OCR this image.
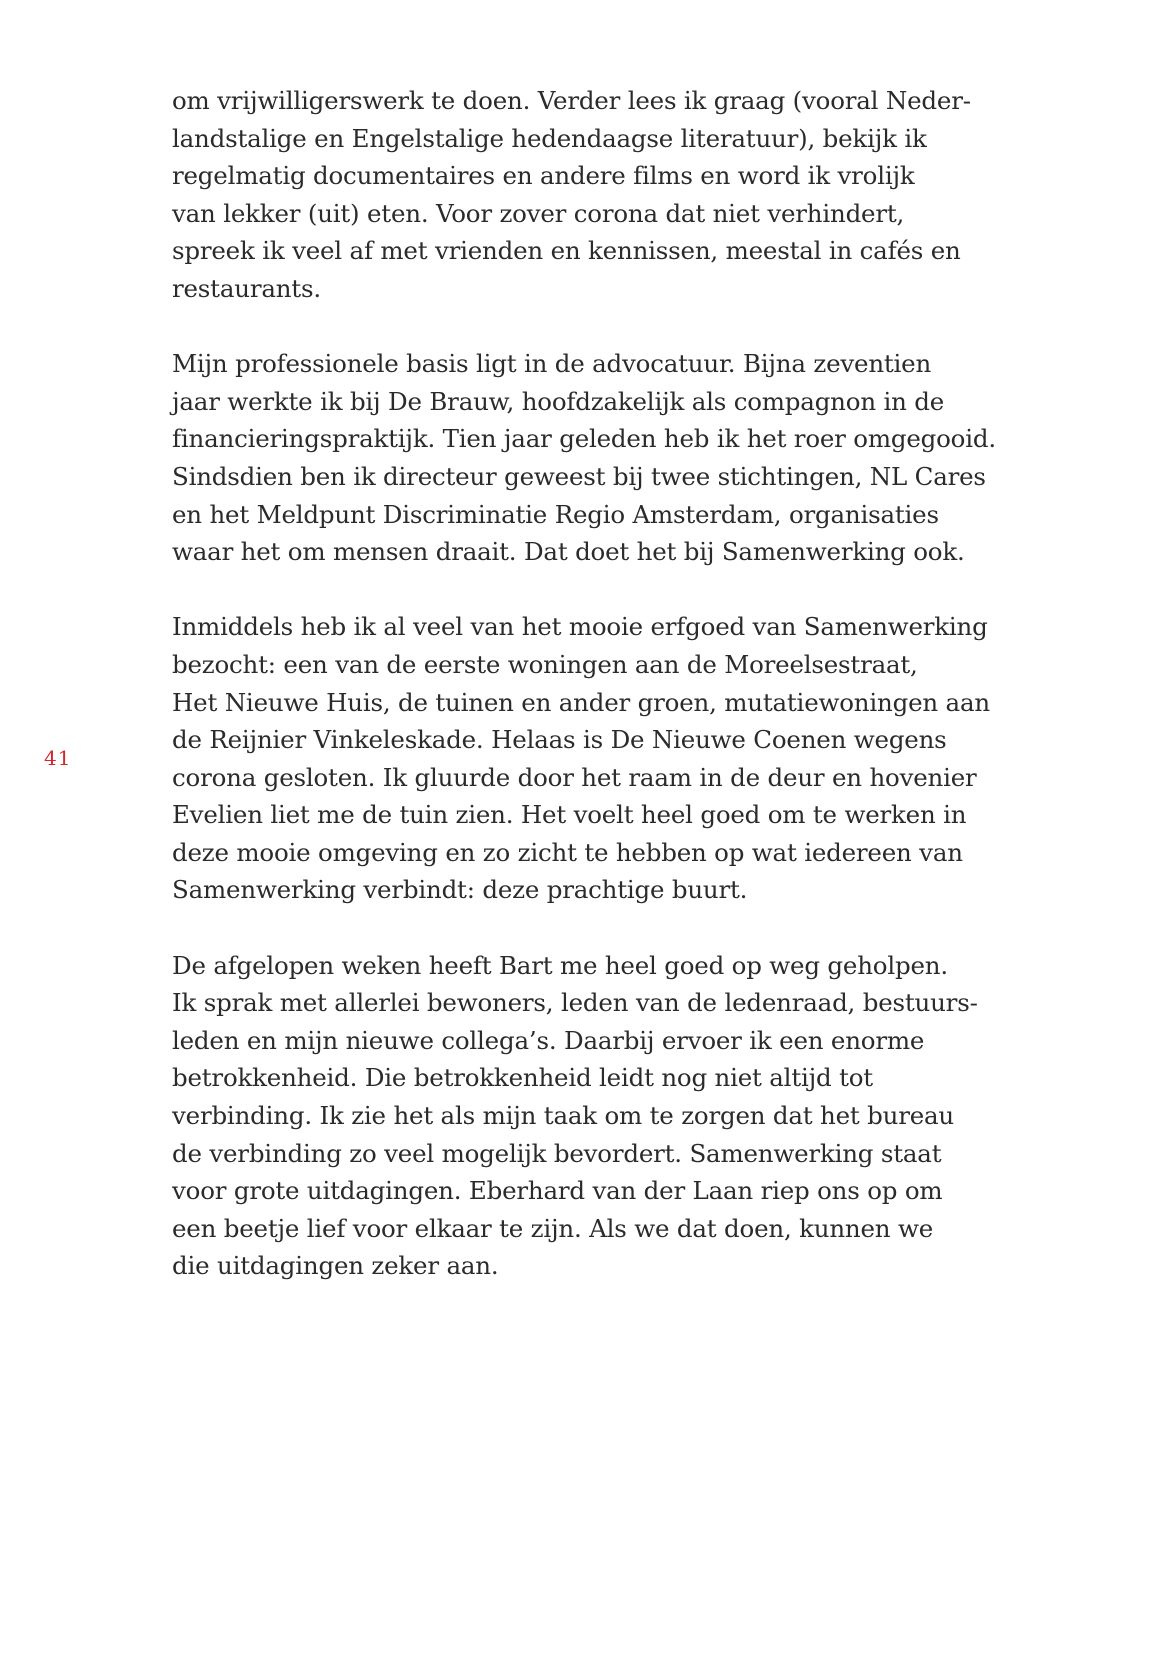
41

om vrijwilligerswerk te doen. Verder lees ik graag (vooral Neder-
landstalige en Engelstalige hedendaagse literatuur), bekijk ik
regelmatig documentaires en andere films en word ik vrolijk
van lekker (uit) eten. Voor zover corona dat niet verhindert,
spreek ik veel af met vrienden en kennissen, meestal in cafés en
restaurants.

Mijn professionele basis ligt in de advocatuur. Bijna zeventien
jaar werkte ik bij De Brauw, hoofdzakelijk als compagnon in de
financieringspraktijk. Tien jaar geleden heb ik het roer omgegooid.
Sindsdien ben ik directeur geweest bij twee stichtingen, NL Cares
en het Meldpunt Discriminatie Regio Amsterdam, organisaties
waar het om mensen draait. Dat doet het bij Samenwerking ook.

Inmiddels heb ik al veel van het mooie erfgoed van Samenwerking
bezocht: een van de eerste woningen aan de Moreelsestraat,
Het Nieuwe Huis, de tuinen en ander groen, mutatiewoningen aan
de Reijnier Vinkeleskade. Helaas is De Nieuwe Coenen wegens
corona gesloten. Ik gluurde door het raam in de deur en hovenier
Evelien liet me de tuin zien. Het voelt heel goed om te werken in
deze mooie omgeving en zo zicht te hebben op wat iedereen van
Samenwerking verbindt: deze prachtige buurt.

De afgelopen weken heeft Bart me heel goed op weg geholpen.
Ik sprak met allerlei bewoners, leden van de ledenraad, bestuurs-
leden en mijn nieuwe collega’s. Daarbij ervoer ik een enorme
betrokkenheid. Die betrokkenheid leidt nog niet altijd tot
verbinding. Ik zie het als mijn taak om te zorgen dat het bureau
de verbinding zo veel mogelijk bevordert. Samenwerking staat
voor grote uitdagingen. Eberhard van der Laan riep ons op om
een beetje lief voor elkaar te zijn. Als we dat doen, kunnen we
die uitdagingen zeker aan.
